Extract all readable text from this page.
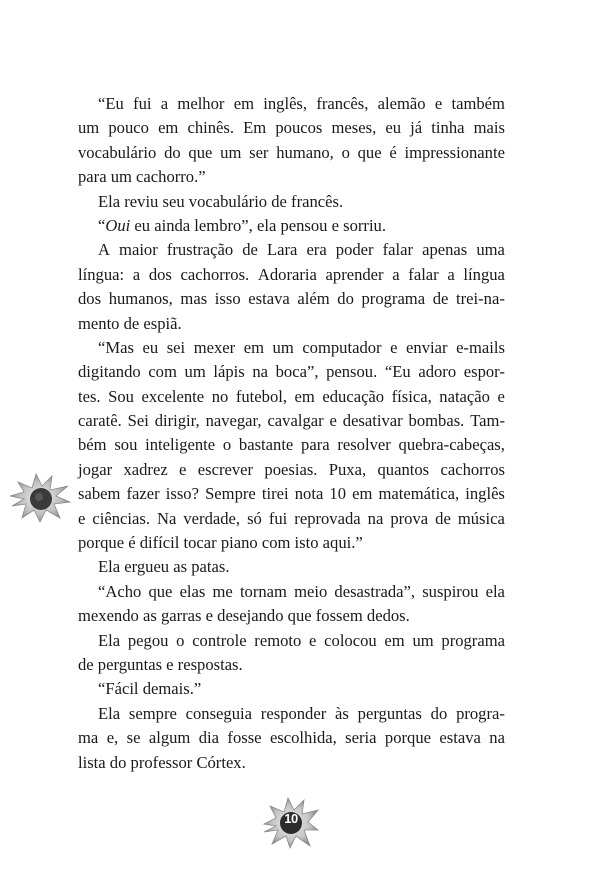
“Eu fui a melhor em inglês, francês, alemão e também
um pouco em chinês. Em poucos meses, eu já tinha mais
vocabulário do que um ser humano, o que é impressionante
para um cachorro.”
Ela reviu seu vocabulário de francês.
“Oui eu ainda lembro”, ela pensou e sorriu.
A maior frustração de Lara era poder falar apenas uma
língua: a dos cachorros. Adoraria aprender a falar a língua
dos humanos, mas isso estava além do programa de trei-na-
mento de espiã.
“Mas eu sei mexer em um computador e enviar e-mails
digitando com um lápis na boca”, pensou. “Eu adoro espor-
tes. Sou excelente no futebol, em educação física, natação e
caratê. Sei dirigir, navegar, cavalgar e desativar bombas. Tam-
bém sou inteligente o bastante para resolver quebra-cabeças,
jogar xadrez e escrever poesias. Puxa, quantos cachorros
sabem fazer isso? Sempre tirei nota 10 em matemática, inglês
e ciências. Na verdade, só fui reprovada na prova de música
porque é difícil tocar piano com isto aqui.”
Ela ergueu as patas.
“Acho que elas me tornam meio desastrada”, suspirou ela
mexendo as garras e desejando que fossem dedos.
Ela pegou o controle remoto e colocou em um programa
de perguntas e respostas.
“Fácil demais.”
Ela sempre conseguia responder às perguntas do progra-
ma e, se algum dia fosse escolhida, seria porque estava na
lista do professor Córtex.
10
